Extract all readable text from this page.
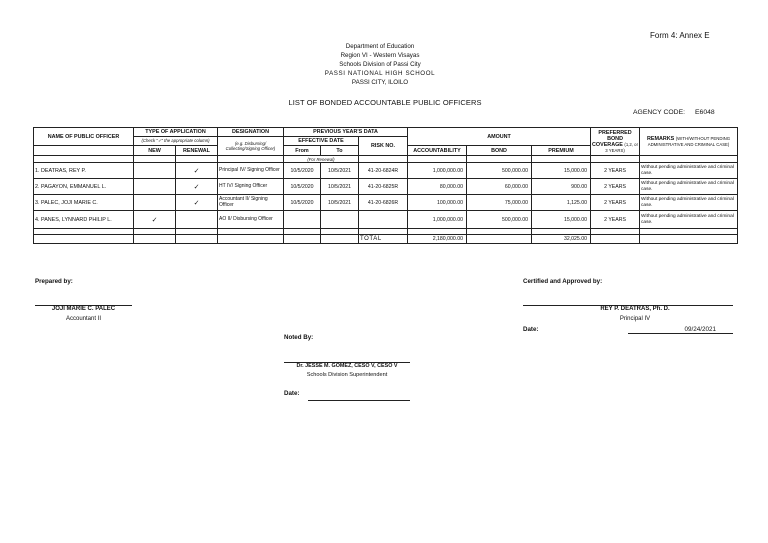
Form 4: Annex E
Department of Education
Region VI - Western Visayas
Schools Division of Passi City
PASSI NATIONAL HIGH SCHOOL
PASSI CITY, ILOILO
LIST OF BONDED ACCOUNTABLE PUBLIC OFFICERS
AGENCY CODE: E6048
NAME OF PUBLIC OFFICER	TYPE OF APPLICATION		DESIGNATION	PREVIOUS YEAR'S DATA			AMOUNT			PREFERRED BOND COVERAGE (1,2, or 3 YEARS)	REMARKS (WITH/WITHOUT PENDING ADMINISTRATIVE AND CRIMINAL CASE)
	(Check "✓" the appropriate column)		(e.g. Disbursing/ Collecting/Signing Officer)	EFFECTIVE DATE		RISK NO.					
	NEW	RENEWAL		From	To		ACCOUNTABILITY	BOND	PREMIUM		
				(For Renewal)							
1. DEATRAS, REY P.		✓	Principal IV/ Signing Officer	10/5/2020	10/5/2021	41-20-6824R	1,000,000.00	500,000.00	15,000.00	2 YEARS	Without pending administrative and criminal case.
2. PAGAYON, EMMANUEL L.		✓	HT IV/ Signing Officer	10/5/2020	10/5/2021	41-20-6825R	80,000.00	60,000.00	900.00	2 YEARS	Without pending administrative and criminal case.
3. PALEC, JOJI MARIE C.		✓	Accountant II/ Signing Officer	10/5/2020	10/5/2021	41-20-6826R	100,000.00	75,000.00	1,125.00	2 YEARS	Without pending administrative and criminal case.
4. PANES, LYNNARD PHILIP L.	✓		AO II/ Disbursing Officer				1,000,000.00	500,000.00	15,000.00	2 YEARS	Without pending administrative and criminal case.

						TOTAL	2,180,000.00		32,025.00		
Prepared by:
JOJI MARIE C. PALEC
Accountant II
Certified and Approved by:
REY P. DEATRAS, Ph. D.
Principal IV
Date:	09/24/2021
Noted By:
Dr. JESSE M. GOMEZ, CESO V, CESO V
Schools Division Superintendent
Date:
